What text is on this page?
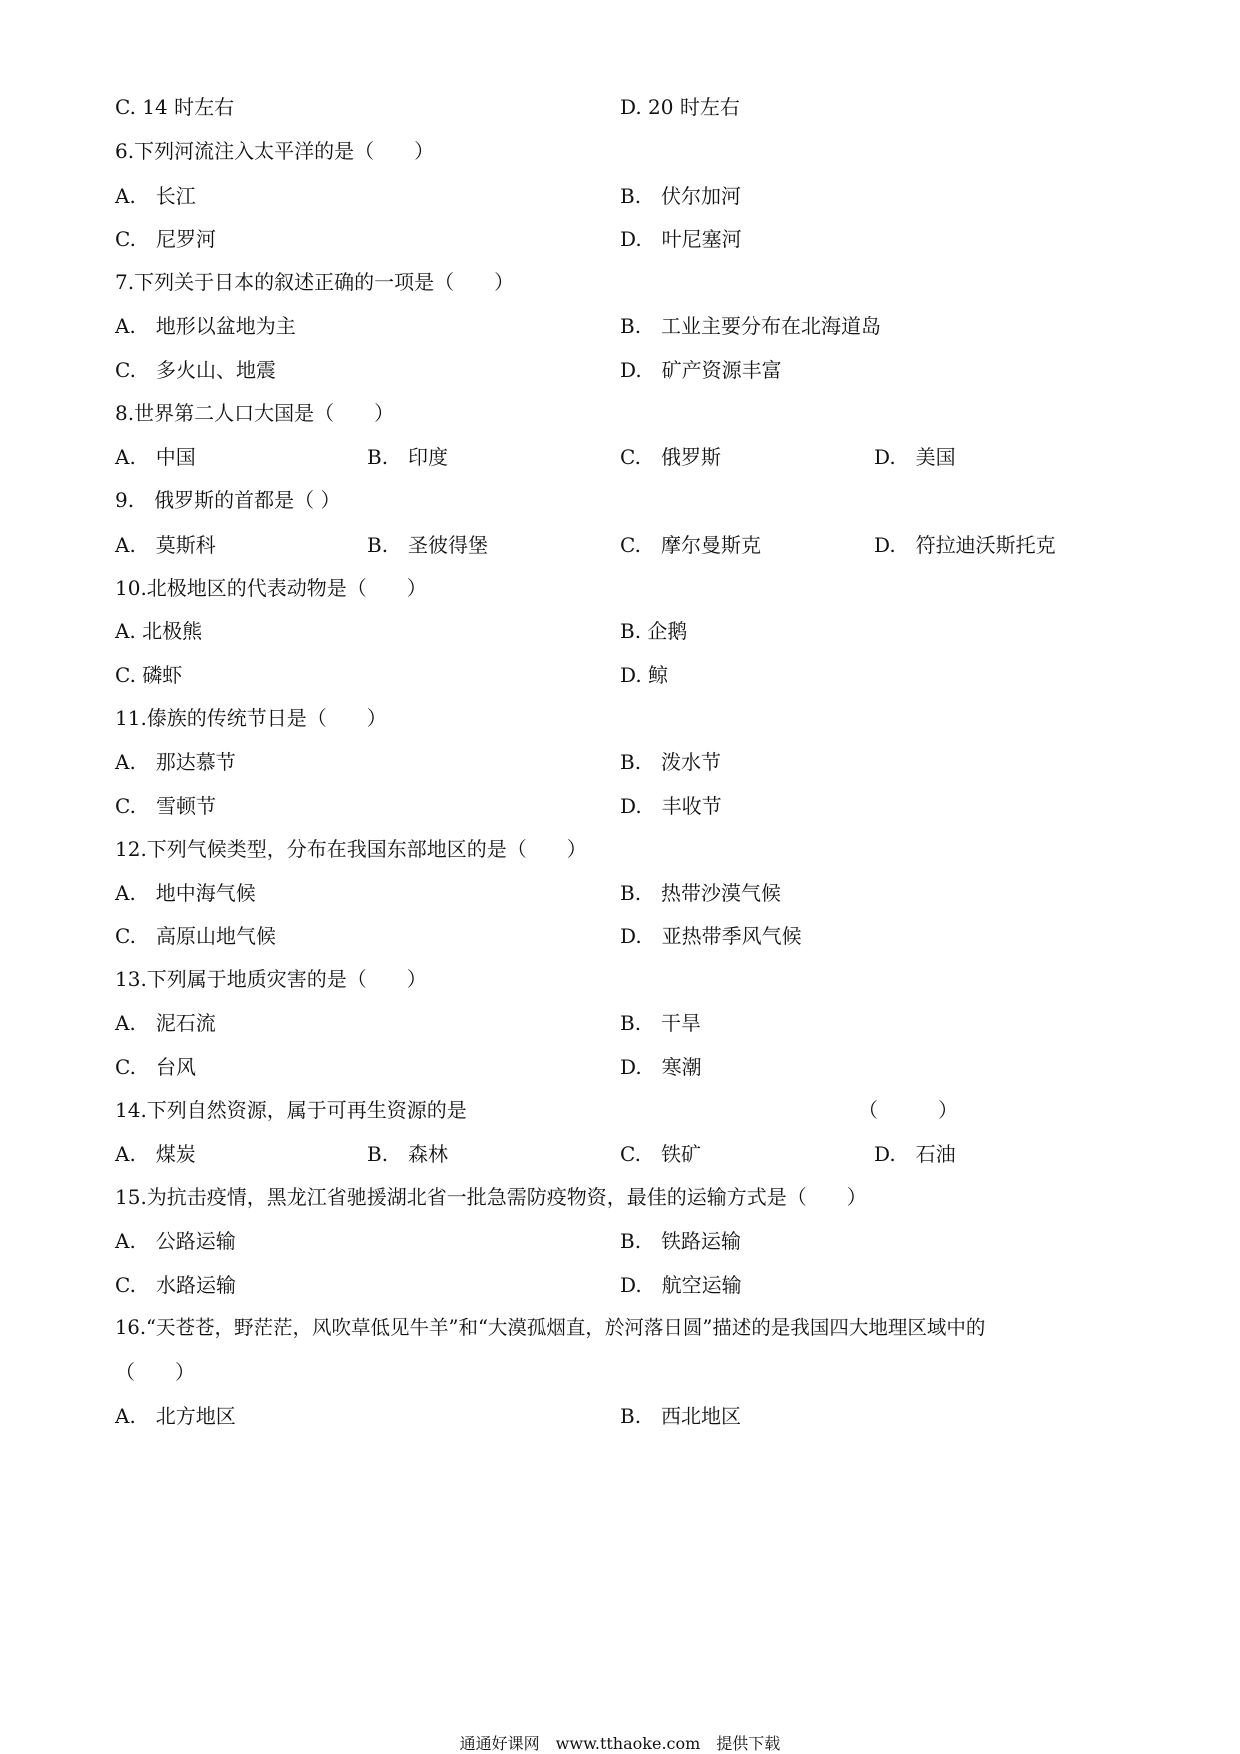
C. 14 时左右	D. 20 时左右
6.下列河流注入太平洋的是（　　）
A.　长江	B.　伏尔加河
C.　尼罗河	D.　叶尼塞河
7.下列关于日本的叙述正确的一项是（　　）
A.　地形以盆地为主	B.　工业主要分布在北海道岛
C.　多火山、地震	D.　矿产资源丰富
8.世界第二人口大国是（　　）
A.　中国	B.　印度	C.　俄罗斯	D.　美国
9.　俄罗斯的首都是（ ）
A.　莫斯科	B.　圣彼得堡	C.　摩尔曼斯克	D.　符拉迪沃斯托克
10.北极地区的代表动物是（　　）
A. 北极熊	B. 企鹅
C. 磷虾	D. 鲸
11.傣族的传统节日是（　　）
A.　那达慕节	B.　泼水节
C.　雪顿节	D.　丰收节
12.下列气候类型，分布在我国东部地区的是（　　）
A.　地中海气候	B.　热带沙漠气候
C.　高原山地气候	D.　亚热带季风气候
13.下列属于地质灾害的是（　　）
A.　泥石流	B.　干旱
C.　台风	D.　寒潮
14.下列自然资源，属于可再生资源的是	（　　　）
A.　煤炭	B.　森林	C.　铁矿	D.　石油
15.为抗击疫情，黑龙江省驰援湖北省一批急需防疫物资，最佳的运输方式是（　　）
A.　公路运输	B.　铁路运输
C.　水路运输	D.　航空运输
16.“天苍苍，野茫茫，风吹草低见牛羊”和“大漠孤烟直，於河落日圆”描述的是我国四大地理区域中的
（　　）
A.　北方地区	B.　西北地区
通通好课网　www.tthaoke.com　提供下载
